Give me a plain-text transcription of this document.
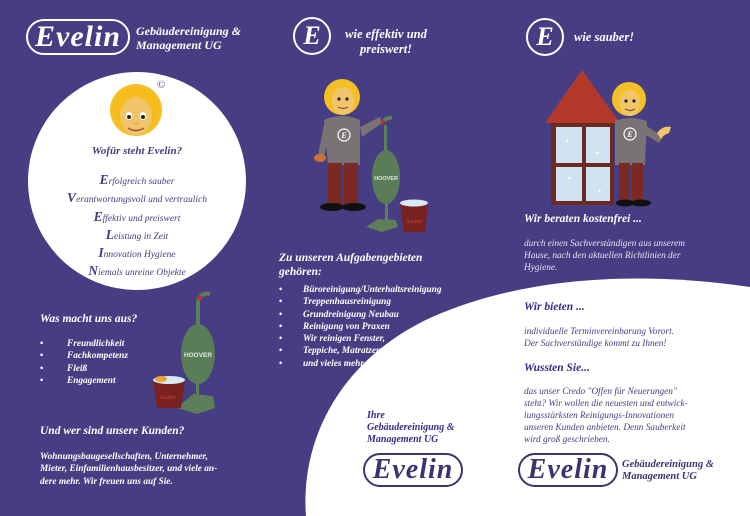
Evelin	Gebäudereinigung &
Management UG	E	wie effektiv und
preiswert!	E	wie sauber!
©
Wofür steht Evelin?
Erfolgreich sauber
Verantwortungsvoll und vertraulich
Effektiv und preiswert
Leistung in Zeit
Innovation Hygiene
Niemals unreine Objekte
Was macht uns aus?
• Freundlichkeit
• Fachkompetenz
• Fleiß
• Engagement
HOOVER
Sauber
Und wer sind unsere Kunden?
Wohnungsbaugesellschaften, Unternehmer,
Mieter, Einfamilienhausbesitzer, und viele an-
dere mehr. Wir freuen uns auf Sie.
E
HOOVER
Sauber
Zu unseren Aufgabengebieten
gehören:
• Büroreinigung/Unterhaltsreinigung
• Treppenhausreinigung
• Grundreinigung Neubau
• Reinigung von Praxen
• Wir reinigen Fenster,
• Teppiche, Matratzen
• und vieles mehr.
Ihre
Gebäudereinigung &
Management UG
Evelin
✦
✦
✦
✦
E
Wir beraten kostenfrei ...
durch einen Sachverständigen aus unserem
Hause, nach den aktuellen Richtlinien der
Hygiene.
Wir bieten ...
individuelle Terminvereinbarung Vorort.
Der Sachverständige kommt zu Ihnen!
Wussten Sie...
das unser Credo "Offen für Neuerungen"
steht? Wir wollen die neuesten und entwick-
lungsstärksten Reinigungs-Innovationen
unseren Kunden anbieten. Denn Sauberkeit
wird groß geschrieben.
Evelin	Gebäudereinigung &
Management UG
